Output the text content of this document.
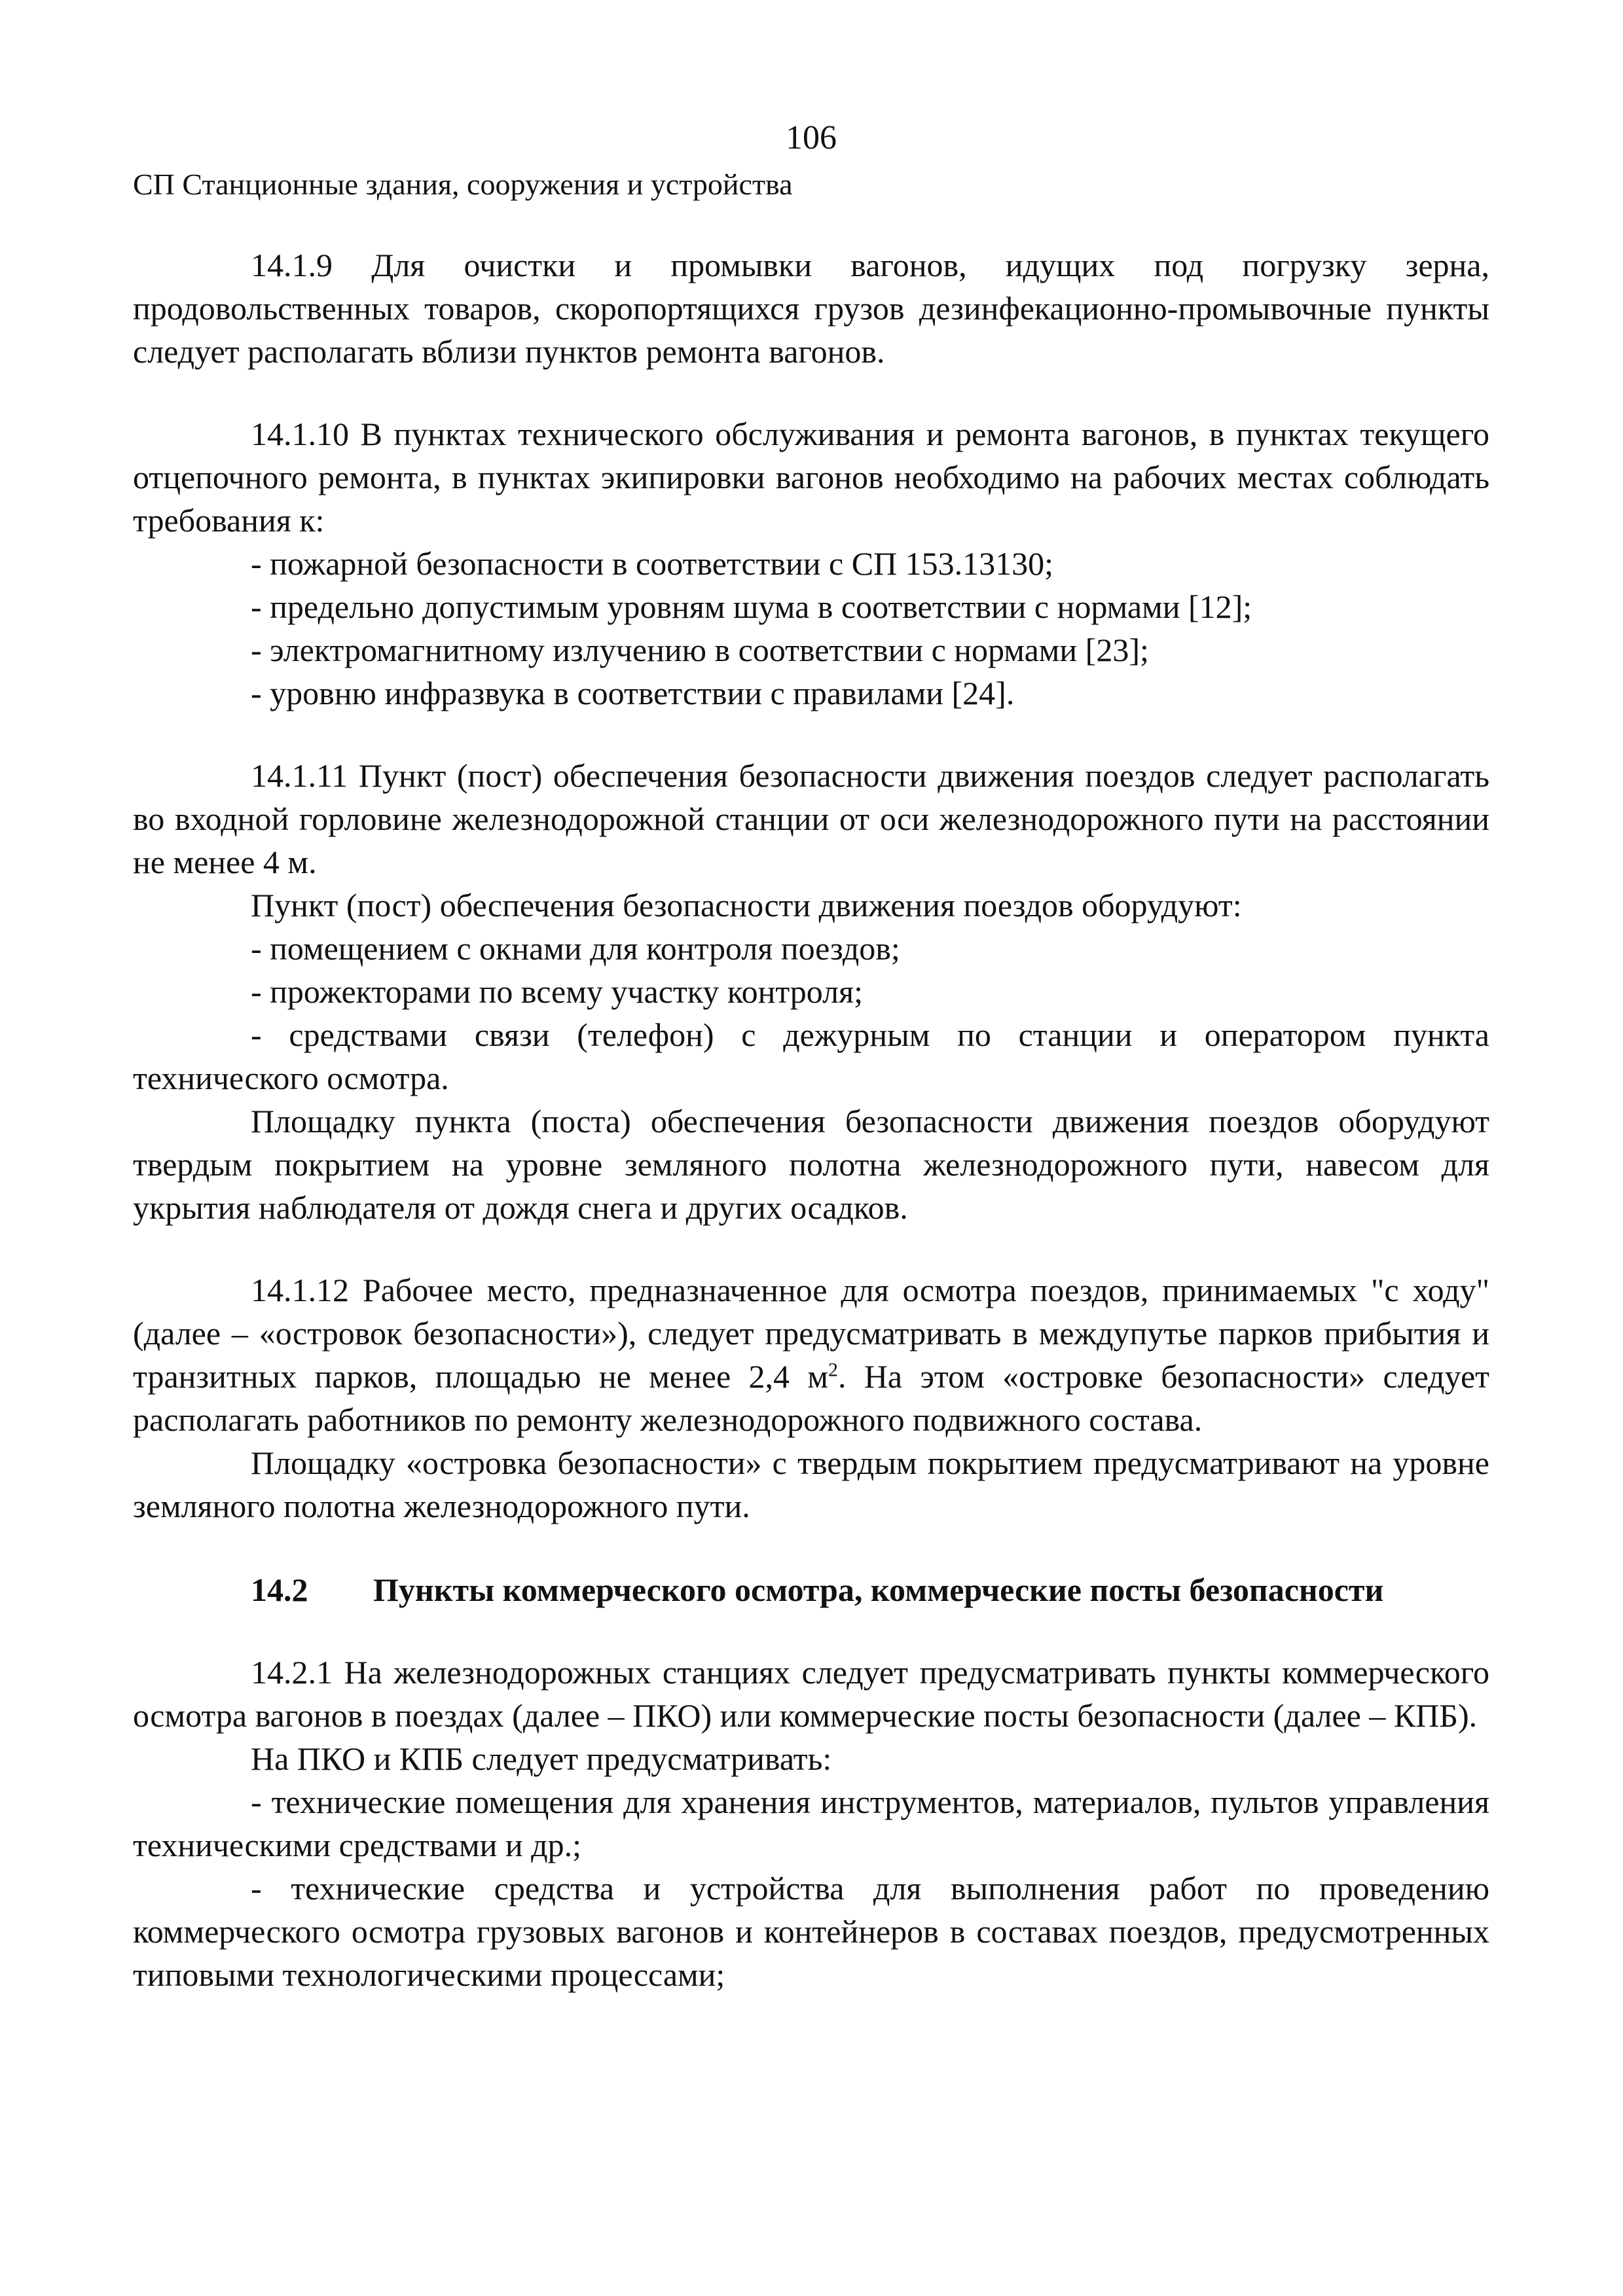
106
СП Станционные здания, сооружения и устройства

14.1.9 Для очистки и промывки вагонов, идущих под погрузку зерна, продовольственных товаров, скоропортящихся грузов дезинфекационно-промывочные пункты следует располагать вблизи пунктов ремонта вагонов.

14.1.10 В пунктах технического обслуживания и ремонта вагонов, в пунктах текущего отцепочного ремонта, в пунктах экипировки вагонов необходимо на рабочих местах соблюдать требования к:

- пожарной безопасности в соответствии с СП 153.13130;

- предельно допустимым уровням шума в соответствии с нормами [12];

- электромагнитному излучению в соответствии с нормами [23];

- уровню инфразвука в соответствии с правилами [24].

14.1.11 Пункт (пост) обеспечения безопасности движения поездов следует располагать во входной горловине железнодорожной станции от оси железнодорожного пути на расстоянии не менее 4 м.

Пункт (пост) обеспечения безопасности движения поездов оборудуют:

- помещением с окнами для контроля поездов;

- прожекторами по всему участку контроля;

- средствами связи (телефон) с дежурным по станции и оператором пункта технического осмотра.

Площадку пункта (поста) обеспечения безопасности движения поездов оборудуют твердым покрытием на уровне земляного полотна железнодорожного пути, навесом для укрытия наблюдателя от дождя снега и других осадков.

14.1.12 Рабочее место, предназначенное для осмотра поездов, принимаемых "с ходу" (далее – «островок безопасности»), следует предусматривать в междупутье парков прибытия и транзитных парков, площадью не менее 2,4 $м^2$. На этом «островке безопасности» следует располагать работников по ремонту железнодорожного подвижного состава.

Площадку «островка безопасности» с твердым покрытием предусматривают на уровне земляного полотна железнодорожного пути.

14.2 Пункты коммерческого осмотра, коммерческие посты безопасности

14.2.1 На железнодорожных станциях следует предусматривать пункты коммерческого осмотра вагонов в поездах (далее – ПКО) или коммерческие посты безопасности (далее – КПБ).

На ПКО и КПБ следует предусматривать:

- технические помещения для хранения инструментов, материалов, пультов управления техническими средствами и др.;

- технические средства и устройства для выполнения работ по проведению коммерческого осмотра грузовых вагонов и контейнеров в составах поездов, предусмотренных типовыми технологическими процессами;
